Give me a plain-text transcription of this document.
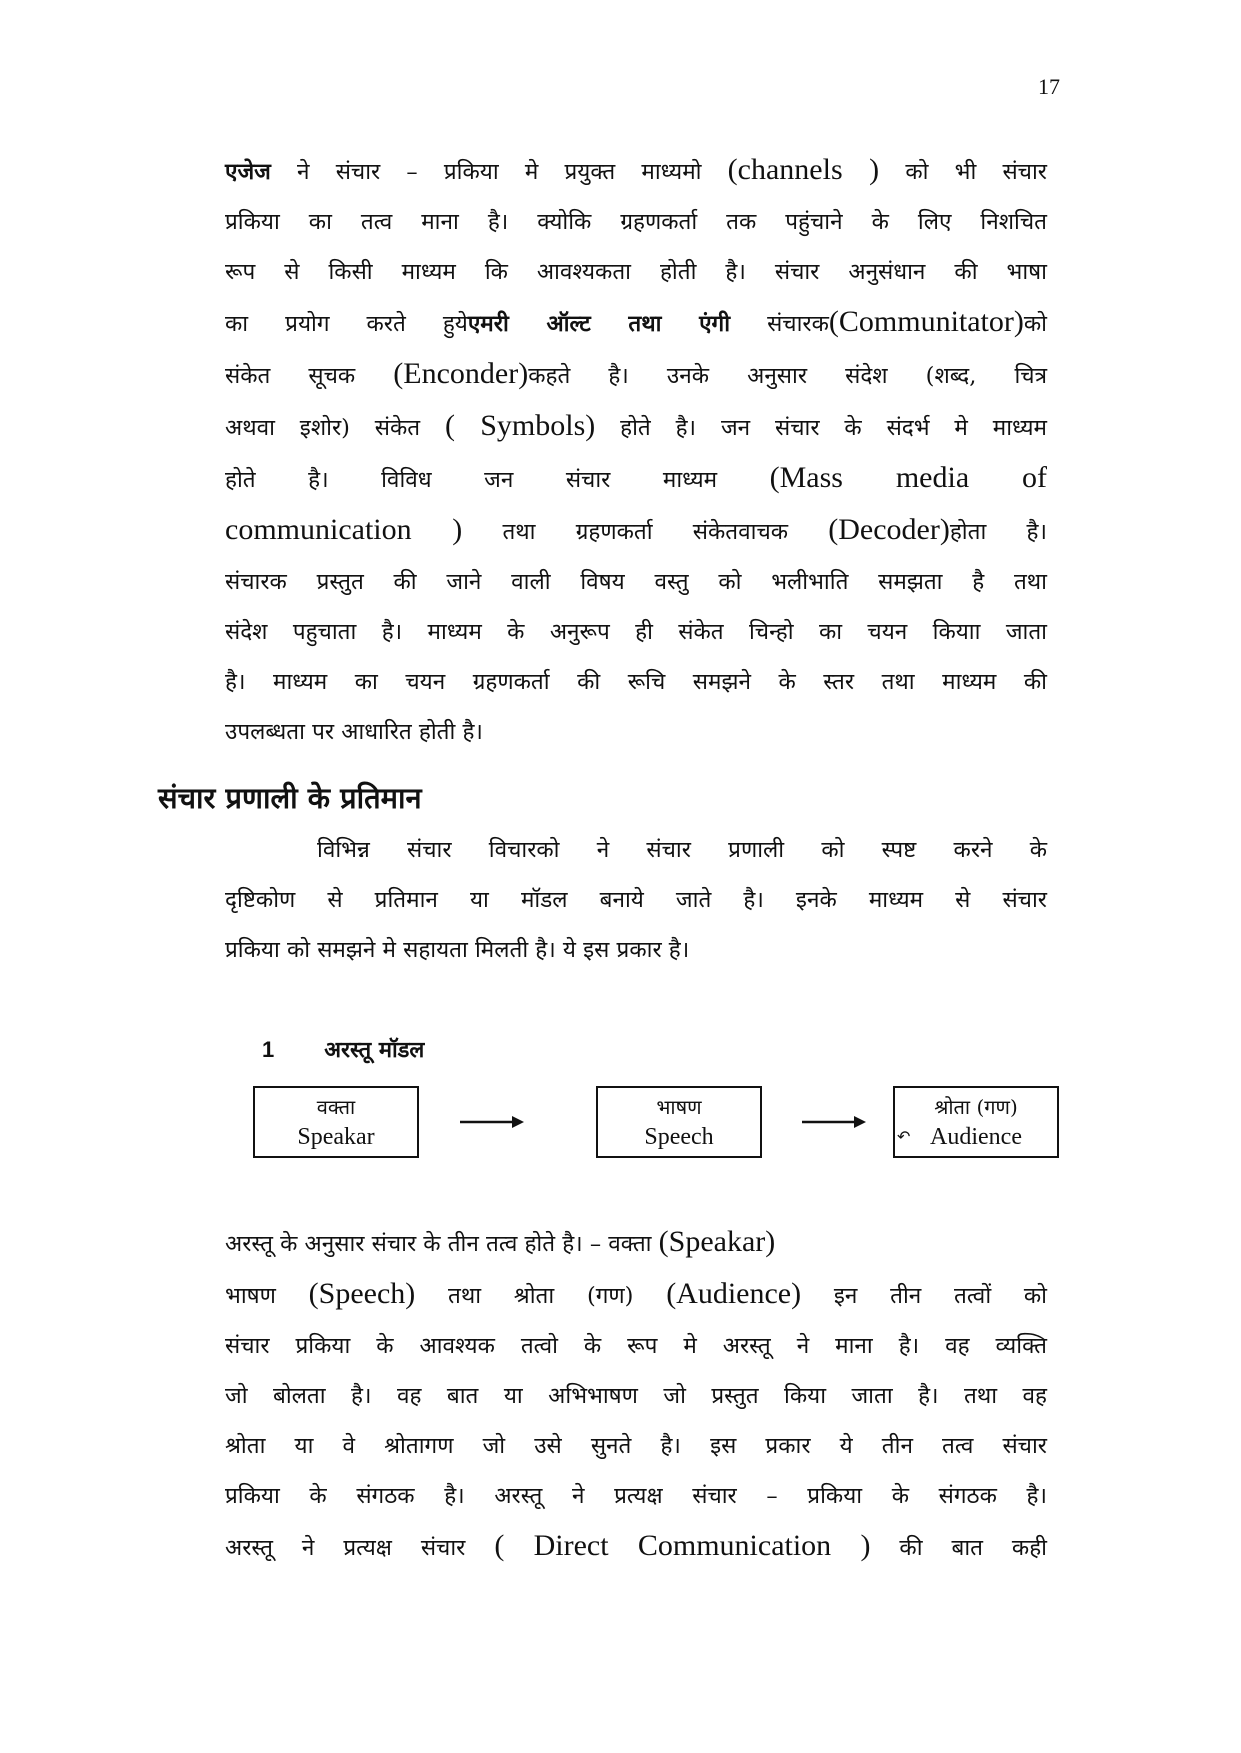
17
एजेज ने संचार – प्रकिया मे प्रयुक्त माध्यमो (channels ) को भी संचार
प्रकिया का तत्व माना है। क्योकि ग्रहणकर्ता तक पहुंचाने के लिए निशचित
रूप से किसी माध्यम कि आवश्यकता होती है। संचार अनुसंधान की भाषा
का प्रयोग करते हुयेएमरी ऑल्ट तथा एंगी संचारक(Communitator)को
संकेत सूचक (Enconder)कहते है। उनके अनुसार संदेश (शब्द, चित्र
अथवा इशोर) संकेत ( Symbols) होते है। जन संचार के संदर्भ मे माध्यम
होते है। विविध जन संचार माध्यम (Mass media of
communication ) तथा ग्रहणकर्ता संकेतवाचक (Decoder)होता है।
संचारक प्रस्तुत की जाने वाली विषय वस्तु को भलीभाति समझता है तथा
संदेश पहुचाता है। माध्यम के अनुरूप ही संकेत चिन्हो का चयन कियाा जाता
है। माध्यम का चयन ग्रहणकर्ता की रूचि समझने के स्तर तथा माध्यम की
उपलब्धता पर आधारित होती है।
संचार प्रणाली के प्रतिमान
विभिन्न संचार विचारको ने संचार प्रणाली को स्पष्ट करने के
दृष्टिकोण से प्रतिमान या मॉडल बनाये जाते है। इनके माध्यम से संचार
प्रकिया को समझने मे सहायता मिलती है। ये इस प्रकार है।
1 अरस्तू मॉडल
वक्ता
Speakar
भाषण
Speech
श्रोता (गण)
Audience
↶
अरस्तू के अनुसार संचार के तीन तत्व होते है। – वक्ता (Speakar)
भाषण (Speech) तथा श्रोता (गण) (Audience) इन तीन तत्वों को
संचार प्रकिया के आवश्यक तत्वो के रूप मे अरस्तू ने माना है। वह व्यक्ति
जो बोलता है। वह बात या अभिभाषण जो प्रस्तुत किया जाता है। तथा वह
श्रोता या वे श्रोतागण जो उसे सुनते है। इस प्रकार ये तीन तत्व संचार
प्रकिया के संगठक है। अरस्तू ने प्रत्यक्ष संचार – प्रकिया के संगठक है।
अरस्तू ने प्रत्यक्ष संचार ( Direct Communication ) की बात कही
